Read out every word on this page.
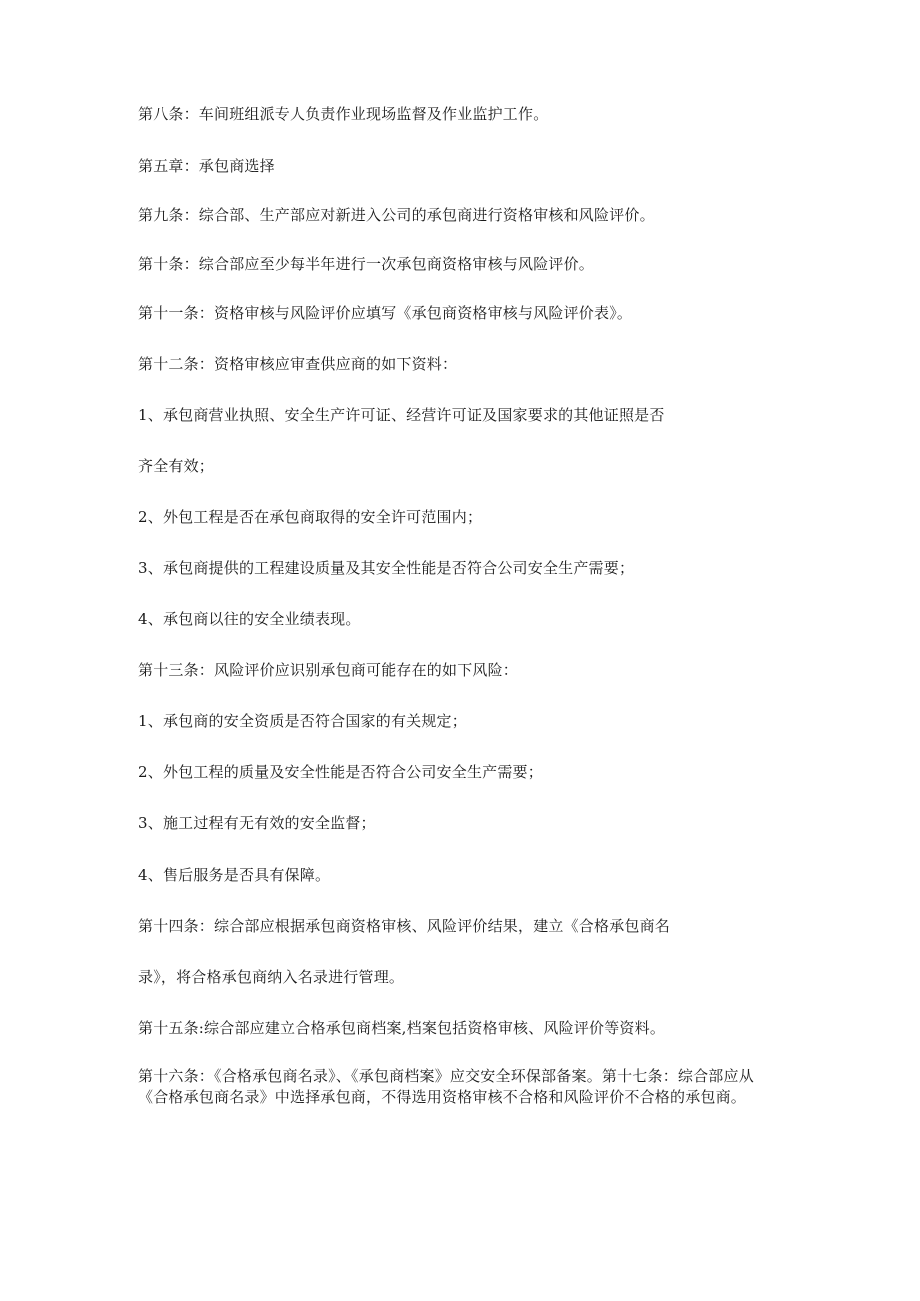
第八条：车间班组派专人负责作业现场监督及作业监护工作。
第五章：承包商选择
第九条：综合部、生产部应对新进入公司的承包商进行资格审核和风险评价。
第十条：综合部应至少每半年进行一次承包商资格审核与风险评价。
第十一条：资格审核与风险评价应填写《承包商资格审核与风险评价表》。
第十二条：资格审核应审查供应商的如下资料：
1、承包商营业执照、安全生产许可证、经营许可证及国家要求的其他证照是否
齐全有效；
2、外包工程是否在承包商取得的安全许可范围内；
3、承包商提供的工程建设质量及其安全性能是否符合公司安全生产需要；
4、承包商以往的安全业绩表现。
第十三条：风险评价应识别承包商可能存在的如下风险：
1、承包商的安全资质是否符合国家的有关规定；
2、外包工程的质量及安全性能是否符合公司安全生产需要；
3、施工过程有无有效的安全监督；
4、售后服务是否具有保障。
第十四条：综合部应根据承包商资格审核、风险评价结果，建立《合格承包商名
录》，将合格承包商纳入名录进行管理。
第十五条:综合部应建立合格承包商档案,档案包括资格审核、风险评价等资料。
第十六条：《合格承包商名录》、《承包商档案》应交安全环保部备案。第十七条：综合部应从《合格承包商名录》中选择承包商，不得选用资格审核不合格和风险评价不合格的承包商。
